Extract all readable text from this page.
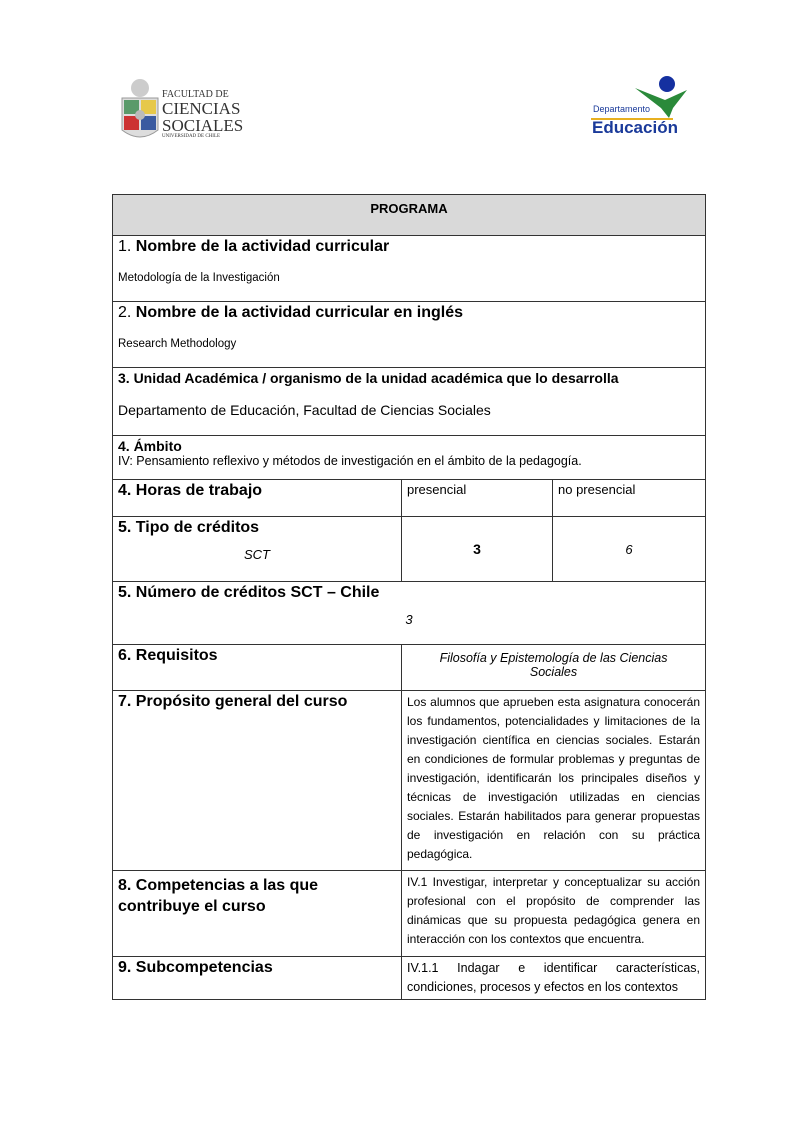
FACULTAD DE
CIENCIAS
SOCIALES
UNIVERSIDAD DE CHILE
Departamento
Educación
PROGRAMA		

1. Nombre de la actividad curricular
Metodología de la Investigación		

2. Nombre de la actividad curricular en inglés
Research Methodology		

3. Unidad Académica / organismo de la unidad académica que lo desarrolla
Departamento de Educación, Facultad de Ciencias Sociales		

4. Ámbito
IV: Pensamiento reflexivo y métodos de investigación en el ámbito de la pedagogía.		

4. Horas de trabajo	presencial	no presencial

5. Tipo de créditos
SCT	3	6

5. Número de créditos SCT – Chile
3		

6. Requisitos	Filosofía y Epistemología de las Ciencias Sociales	
7. Propósito general del curso	Los alumnos que aprueben esta asignatura conocerán los fundamentos, potencialidades y limitaciones de la investigación científica en ciencias sociales. Estarán en condiciones de formular problemas y preguntas de investigación, identificarán los principales diseños y técnicas de investigación utilizadas en ciencias sociales. Estarán habilitados para generar propuestas de investigación en relación con su práctica pedagógica.	
8. Competencias a las que contribuye el curso	IV.1 Investigar, interpretar y conceptualizar su acción profesional con el propósito de comprender las dinámicas que su propuesta pedagógica genera en interacción con los contextos que encuentra.	
9. Subcompetencias	IV.1.1 Indagar e identificar características, condiciones, procesos y efectos en los contextos	
